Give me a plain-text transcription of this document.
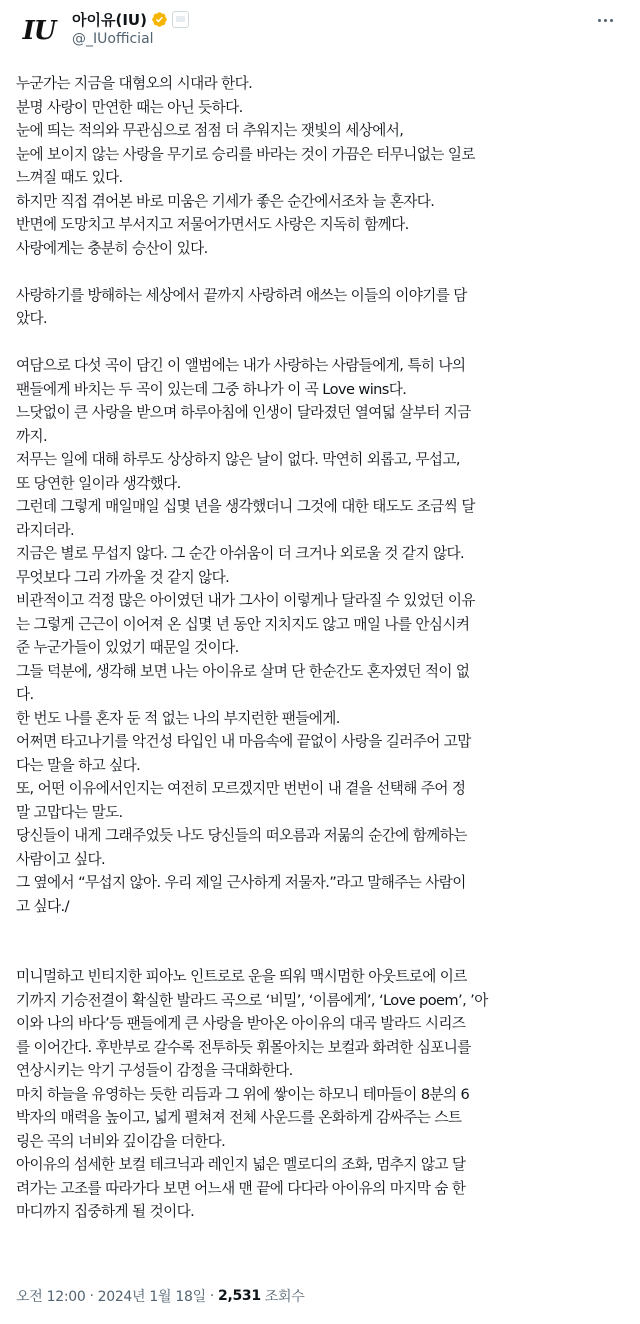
IU 아이유(IU)
@_IUofficial

누군가는 지금을 대혐오의 시대라 한다.

분명 사랑이 만연한 때는 아닌 듯하다.

눈에 띄는 적의와 무관심으로 점점 더 추워지는 잿빛의 세상에서,

눈에 보이지 않는 사랑을 무기로 승리를 바라는 것이 가끔은 터무니없는 일로
느껴질 때도 있다.

하지만 직접 겪어본 바로 미움은 기세가 좋은 순간에서조차 늘 혼자다.

반면에 도망치고 부서지고 저물어가면서도 사랑은 지독히 함께다.

사랑에게는 충분히 승산이 있다.

사랑하기를 방해하는 세상에서 끝까지 사랑하려 애쓰는 이들의 이야기를 담
았다.

여담으로 다섯 곡이 담긴 이 앨범에는 내가 사랑하는 사람들에게, 특히 나의
팬들에게 바치는 두 곡이 있는데 그중 하나가 이 곡 Love wins다.

느닷없이 큰 사랑을 받으며 하루아침에 인생이 달라졌던 열여덟 살부터 지금
까지.

저무는 일에 대해 하루도 상상하지 않은 날이 없다. 막연히 외롭고, 무섭고,
또 당연한 일이라 생각했다.

그런데 그렇게 매일매일 십몇 년을 생각했더니 그것에 대한 태도도 조금씩 달
라지더라.

지금은 별로 무섭지 않다. 그 순간 아쉬움이 더 크거나 외로울 것 같지 않다.

무엇보다 그리 가까울 것 같지 않다.

비관적이고 걱정 많은 아이였던 내가 그사이 이렇게나 달라질 수 있었던 이유
는 그렇게 근근이 이어져 온 십몇 년 동안 지치지도 않고 매일 나를 안심시켜
준 누군가들이 있었기 때문일 것이다.

그들 덕분에, 생각해 보면 나는 아이유로 살며 단 한순간도 혼자였던 적이 없
다.

한 번도 나를 혼자 둔 적 없는 나의 부지런한 팬들에게.

어쩌면 타고나기를 악건성 타입인 내 마음속에 끝없이 사랑을 길러주어 고맙
다는 말을 하고 싶다.

또, 어떤 이유에서인지는 여전히 모르겠지만 번번이 내 곁을 선택해 주어 정
말 고맙다는 말도.

당신들이 내게 그래주었듯 나도 당신들의 떠오름과 저묾의 순간에 함께하는
사람이고 싶다.

그 옆에서 “무섭지 않아. 우리 제일 근사하게 저물자.”라고 말해주는 사람이
고 싶다./

미니멀하고 빈티지한 피아노 인트로로 운을 띄워 맥시멈한 아웃트로에 이르
기까지 기승전결이 확실한 발라드 곡으로 ‘비밀’, ‘이름에게’, ‘Love poem’, ’아
이와 나의 바다’등 팬들에게 큰 사랑을 받아온 아이유의 대곡 발라드 시리즈
를 이어간다. 후반부로 갈수록 전투하듯 휘몰아치는 보컬과 화려한 심포니를
연상시키는 악기 구성들이 감정을 극대화한다.

마치 하늘을 유영하는 듯한 리듬과 그 위에 쌓이는 하모니 테마들이 8분의 6
박자의 매력을 높이고, 넓게 펼쳐져 전체 사운드를 온화하게 감싸주는 스트
링은 곡의 너비와 깊이감을 더한다.

아이유의 섬세한 보컬 테크닉과 레인지 넓은 멜로디의 조화, 멈추지 않고 달
려가는 고조를 따라가다 보면 어느새 맨 끝에 다다라 아이유의 마지막 숨 한
마디까지 집중하게 될 것이다.

오전 12:00 · 2024년 1월 18일 · 2,531 조회수
